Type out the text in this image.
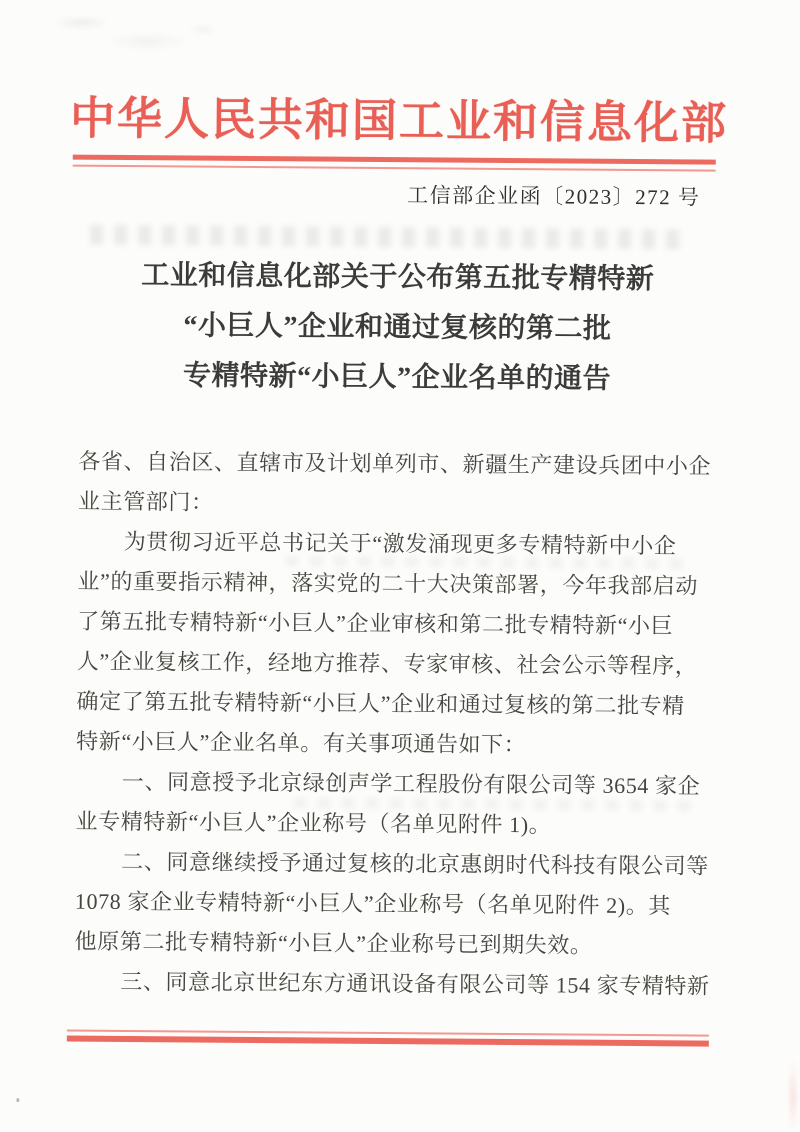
中华人民共和国工业和信息化部
工信部企业函〔2023〕272 号
工业和信息化部关于公布第五批专精特新
“小巨人”企业和通过复核的第二批
专精特新“小巨人”企业名单的通告
各省、自治区、直辖市及计划单列市、新疆生产建设兵团中小企
业主管部门：
为贯彻习近平总书记关于“激发涌现更多专精特新中小企
业”的重要指示精神，落实党的二十大决策部署，今年我部启动
了第五批专精特新“小巨人”企业审核和第二批专精特新“小巨
人”企业复核工作，经地方推荐、专家审核、社会公示等程序，
确定了第五批专精特新“小巨人”企业和通过复核的第二批专精
特新“小巨人”企业名单。有关事项通告如下：
一、同意授予北京绿创声学工程股份有限公司等 3654 家企
业专精特新“小巨人”企业称号（名单见附件 1)。
二、同意继续授予通过复核的北京惠朗时代科技有限公司等
1078 家企业专精特新“小巨人”企业称号（名单见附件 2)。其
他原第二批专精特新“小巨人”企业称号已到期失效。
三、同意北京世纪东方通讯设备有限公司等 154 家专精特新
